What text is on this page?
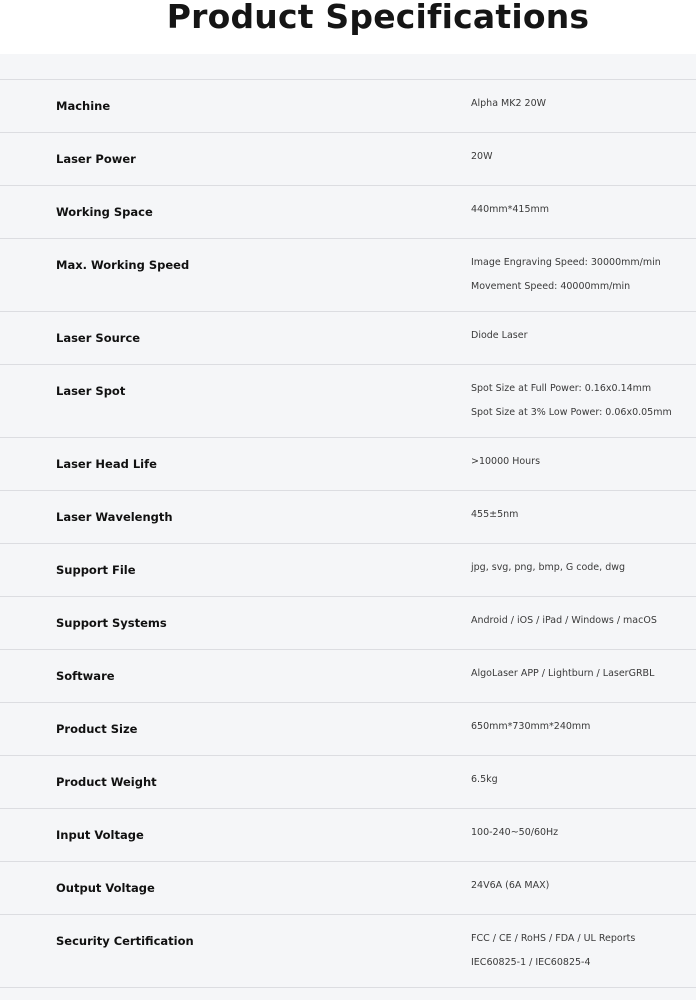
Product Specifications
Machine	Alpha MK2 20W
Laser Power	20W
Working Space	440mm*415mm
Max. Working Speed	Image Engraving Speed: 30000mm/min
Movement Speed: 40000mm/min
Laser Source	Diode Laser
Laser Spot	Spot Size at Full Power: 0.16x0.14mm
Spot Size at 3% Low Power: 0.06x0.05mm
Laser Head Life	>10000 Hours
Laser Wavelength	455±5nm
Support File	jpg, svg, png, bmp, G code, dwg
Support Systems	Android / iOS / iPad / Windows / macOS
Software	AlgoLaser APP / Lightburn / LaserGRBL
Product Size	650mm*730mm*240mm
Product Weight	6.5kg
Input Voltage	100-240~50/60Hz
Output Voltage	24V6A (6A MAX)
Security Certification	FCC / CE / RoHS / FDA / UL Reports
IEC60825-1 / IEC60825-4
